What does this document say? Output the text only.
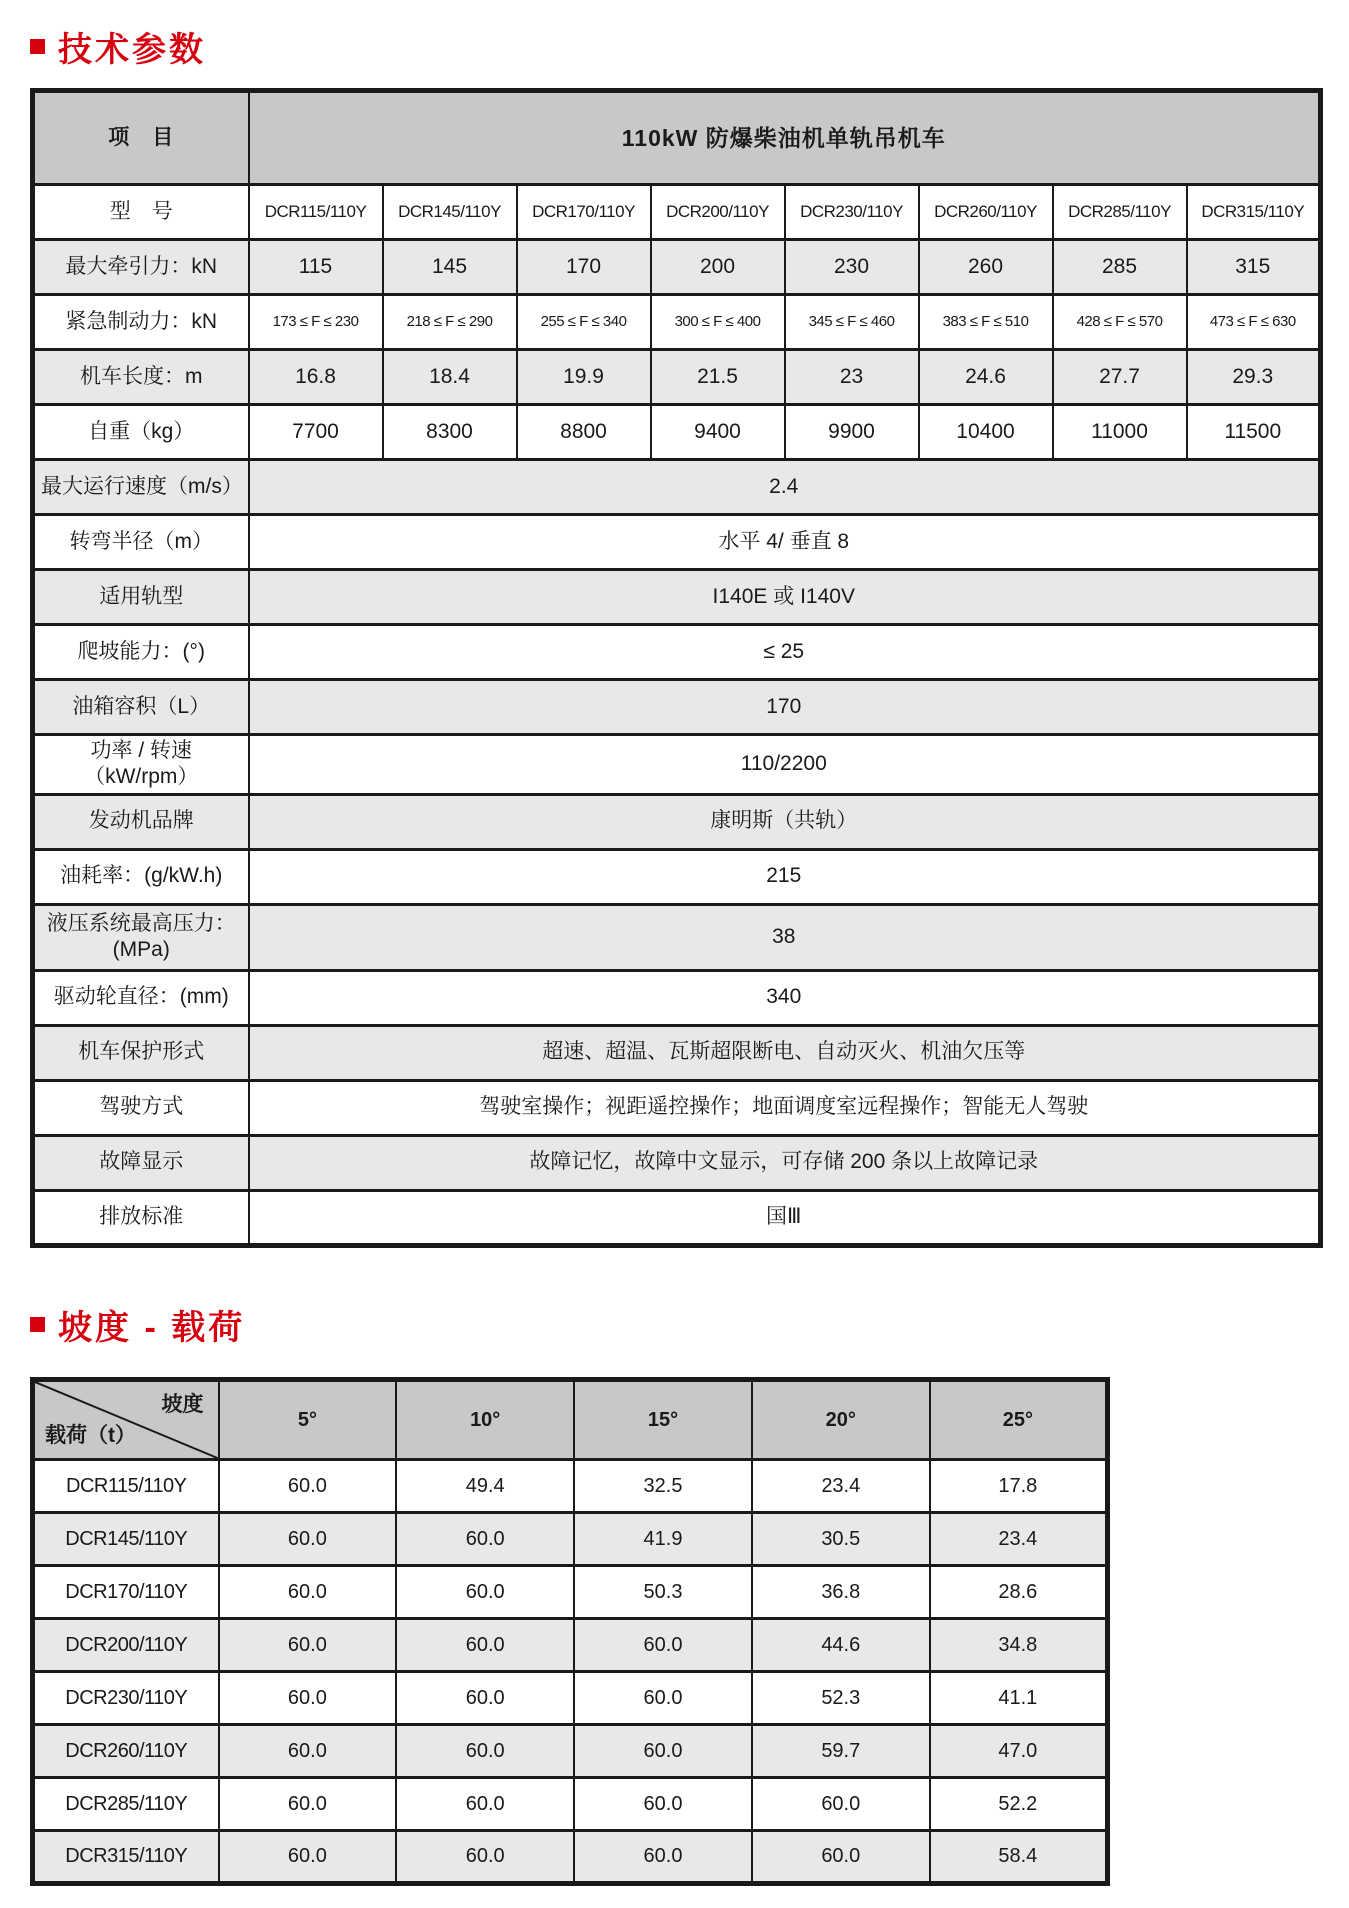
技术参数
项　目	110kW 防爆柴油机单轨吊机车							
型　号	DCR115/110Y	DCR145/110Y	DCR170/110Y	DCR200/110Y	DCR230/110Y	DCR260/110Y	DCR285/110Y	DCR315/110Y
最大牵引力：kN	115	145	170	200	230	260	285	315
紧急制动力：kN	173 ≤ F ≤ 230	218 ≤ F ≤ 290	255 ≤ F ≤ 340	300 ≤ F ≤ 400	345 ≤ F ≤ 460	383 ≤ F ≤ 510	428 ≤ F ≤ 570	473 ≤ F ≤ 630
机车长度：m	16.8	18.4	19.9	21.5	23	24.6	27.7	29.3
自重（kg）	7700	8300	8800	9400	9900	10400	11000	11500
最大运行速度（m/s）	2.4							
转弯半径（m）	水平 4/ 垂直 8							
适用轨型	I140E 或 I140V							
爬坡能力：(°)	≤ 25							
油箱容积（L）	170							
功率 / 转速（kW/rpm）	110/2200							
发动机品牌	康明斯（共轨）							
油耗率：(g/kW.h)	215							
液压系统最高压力：(MPa)	38							
驱动轮直径：(mm)	340							
机车保护形式	超速、超温、瓦斯超限断电、自动灭火、机油欠压等							
驾驶方式	驾驶室操作；视距遥控操作；地面调度室远程操作；智能无人驾驶							
故障显示	故障记忆，故障中文显示，可存储 200 条以上故障记录							
排放标准	国Ⅲ							
坡度 - 载荷
坡度
载荷（t）	5°	10°	15°	20°	25°
DCR115/110Y	60.0	49.4	32.5	23.4	17.8
DCR145/110Y	60.0	60.0	41.9	30.5	23.4
DCR170/110Y	60.0	60.0	50.3	36.8	28.6
DCR200/110Y	60.0	60.0	60.0	44.6	34.8
DCR230/110Y	60.0	60.0	60.0	52.3	41.1
DCR260/110Y	60.0	60.0	60.0	59.7	47.0
DCR285/110Y	60.0	60.0	60.0	60.0	52.2
DCR315/110Y	60.0	60.0	60.0	60.0	58.4
